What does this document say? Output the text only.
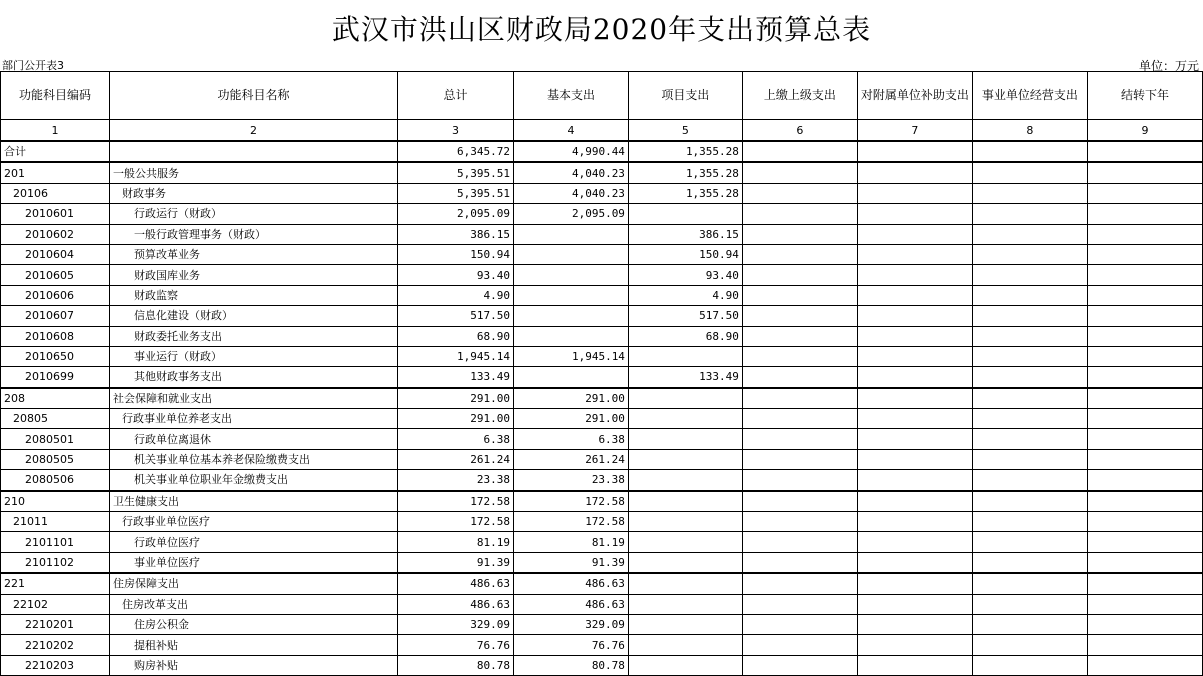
武汉市洪山区财政局2020年支出预算总表
部门公开表3	单位：万元
功能科目编码	功能科目名称	总计	基本支出	项目支出	上缴上级支出	对附属单位补助支出	事业单位经营支出	结转下年
1	2	3	4	5	6	7	8	9
合计		6,345.72	4,990.44	1,355.28				
201	一般公共服务	5,395.51	4,040.23	1,355.28				
20106	财政事务	5,395.51	4,040.23	1,355.28				
2010601	行政运行（财政）	2,095.09	2,095.09					
2010602	一般行政管理事务（财政）	386.15		386.15				
2010604	预算改革业务	150.94		150.94				
2010605	财政国库业务	93.40		93.40				
2010606	财政监察	4.90		4.90				
2010607	信息化建设（财政）	517.50		517.50				
2010608	财政委托业务支出	68.90		68.90				
2010650	事业运行（财政）	1,945.14	1,945.14					
2010699	其他财政事务支出	133.49		133.49				
208	社会保障和就业支出	291.00	291.00					
20805	行政事业单位养老支出	291.00	291.00					
2080501	行政单位离退休	6.38	6.38					
2080505	机关事业单位基本养老保险缴费支出	261.24	261.24					
2080506	机关事业单位职业年金缴费支出	23.38	23.38					
210	卫生健康支出	172.58	172.58					
21011	行政事业单位医疗	172.58	172.58					
2101101	行政单位医疗	81.19	81.19					
2101102	事业单位医疗	91.39	91.39					
221	住房保障支出	486.63	486.63					
22102	住房改革支出	486.63	486.63					
2210201	住房公积金	329.09	329.09					
2210202	提租补贴	76.76	76.76					
2210203	购房补贴	80.78	80.78					
